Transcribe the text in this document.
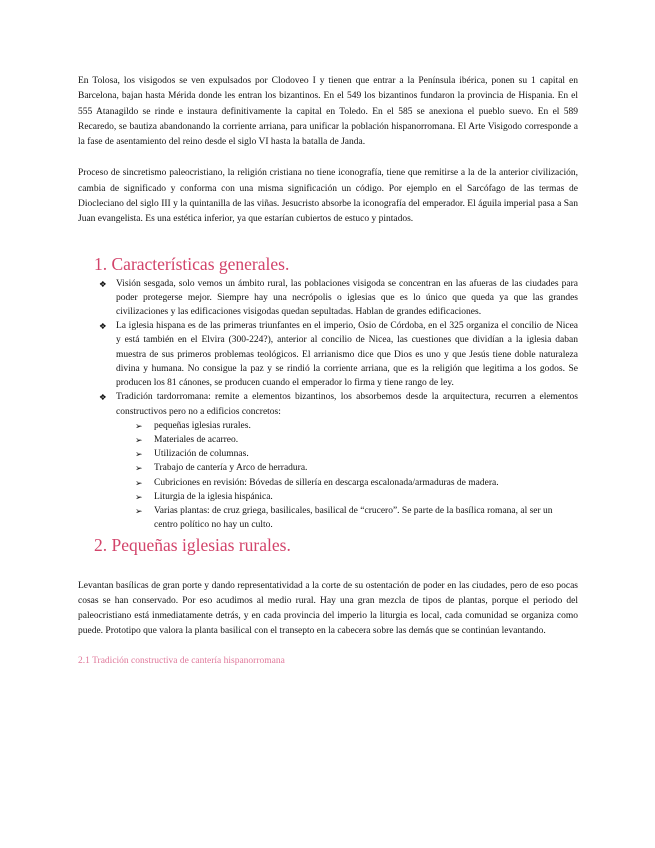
En Tolosa, los visigodos se ven expulsados por Clodoveo I y tienen que entrar a la Península ibérica, ponen su 1 capital en Barcelona, bajan hasta Mérida donde les entran los bizantinos. En el 549 los bizantinos fundaron la provincia de Hispania. En el 555 Atanagildo se rinde e instaura definitivamente la capital en Toledo. En el 585 se anexiona el pueblo suevo. En el 589 Recaredo, se bautiza abandonando la corriente arriana, para unificar la población hispanorromana. El Arte Visigodo corresponde a la fase de asentamiento del reino desde el siglo VI hasta la batalla de Janda.

Proceso de sincretismo paleocristiano, la religión cristiana no tiene iconografía, tiene que remitirse a la de la anterior civilización, cambia de significado y conforma con una misma significación un código. Por ejemplo en el Sarcófago de las termas de Diocleciano del siglo III y la quintanilla de las viñas. Jesucristo absorbe la iconografía del emperador. El águila imperial pasa a San Juan evangelista. Es una estética inferior, ya que estarían cubiertos de estuco y pintados.

1. Características generales.
❖ Visión sesgada, solo vemos un ámbito rural, las poblaciones visigoda se concentran en las afueras de las ciudades para poder protegerse mejor. Siempre hay una necrópolis o iglesias que es lo único que queda ya que las grandes civilizaciones y las edificaciones visigodas quedan sepultadas. Hablan de grandes edificaciones.
❖ La iglesia hispana es de las primeras triunfantes en el imperio, Osio de Córdoba, en el 325 organiza el concilio de Nicea y está también en el Elvira (300-224?), anterior al concilio de Nicea, las cuestiones que dividían a la iglesia daban muestra de sus primeros problemas teológicos. El arrianismo dice que Dios es uno y que Jesús tiene doble naturaleza divina y humana. No consigue la paz y se rindió la corriente arriana, que es la religión que legitima a los godos. Se producen los 81 cánones, se producen cuando el emperador lo firma y tiene rango de ley.
❖ Tradición tardorromana: remite a elementos bizantinos, los absorbemos desde la arquitectura, recurren a elementos constructivos pero no a edificios concretos:
➢ pequeñas iglesias rurales.
➢ Materiales de acarreo.
➢ Utilización de columnas.
➢ Trabajo de cantería y Arco de herradura.
➢ Cubriciones en revisión: Bóvedas de sillería en descarga escalonada/armaduras de madera.
➢ Liturgia de la iglesia hispánica.
➢ Varias plantas: de cruz griega, basilicales, basilical de “crucero”. Se parte de la basílica romana, al ser un centro político no hay un culto.
2. Pequeñas iglesias rurales.

Levantan basílicas de gran porte y dando representatividad a la corte de su ostentación de poder en las ciudades, pero de eso pocas cosas se han conservado. Por eso acudimos al medio rural. Hay una gran mezcla de tipos de plantas, porque el periodo del paleocristiano está inmediatamente detrás, y en cada provincia del imperio la liturgia es local, cada comunidad se organiza como puede. Prototipo que valora la planta basilical con el transepto en la cabecera sobre las demás que se continúan levantando.

2.1 Tradición constructiva de cantería hispanorromana
